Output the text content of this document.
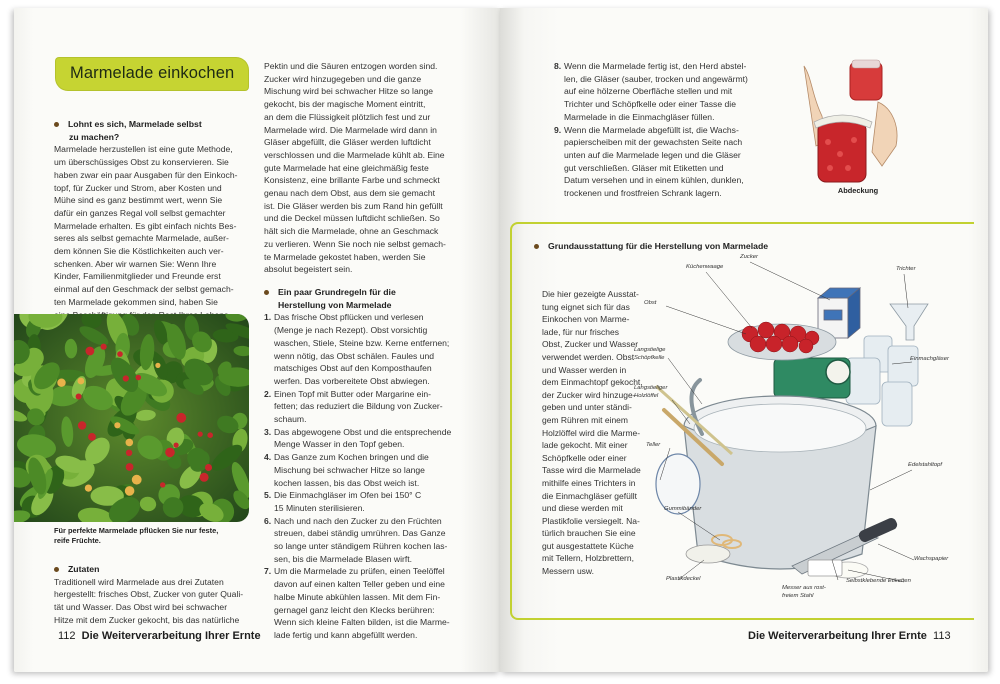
Marmelade einkochen
Lohnt es sich, Marmelade selbst
zu machen?
Marmelade herzustellen ist eine gute Methode,
um überschüssiges Obst zu konservieren. Sie
haben zwar ein paar Ausgaben für den Einkoch-
topf, für Zucker und Strom, aber Kosten und
Mühe sind es ganz bestimmt wert, wenn Sie
dafür ein ganzes Regal voll selbst gemachter
Marmelade erhalten. Es gibt einfach nichts Bes-
seres als selbst gemachte Marmelade, außer-
dem können Sie die Köstlichkeiten auch ver-
schenken. Aber wir warnen Sie: Wenn Ihre
Kinder, Familienmitglieder und Freunde erst
einmal auf den Geschmack der selbst gemach-
ten Marmelade gekommen sind, haben Sie
Für perfekte Marmelade pflücken Sie nur feste,
reife Früchte.
Zutaten
Traditionell wird Marmelade aus drei Zutaten
hergestellt: frisches Obst, Zucker von guter Quali-
tät und Wasser. Das Obst wird bei schwacher
Hitze mit dem Zucker gekocht, bis das natürliche
Pektin und die Säuren entzogen worden sind.
Zucker wird hinzugegeben und die ganze
Mischung wird bei schwacher Hitze so lange
gekocht, bis der magische Moment eintritt,
an dem die Flüssigkeit plötzlich fest und zur
Marmelade wird. Die Marmelade wird dann in
Gläser abgefüllt, die Gläser werden luftdicht
verschlossen und die Marmelade kühlt ab. Eine
gute Marmelade hat eine gleichmäßig feste
Konsistenz, eine brillante Farbe und schmeckt
genau nach dem Obst, aus dem sie gemacht
ist. Die Gläser werden bis zum Rand hin gefüllt
und die Deckel müssen luftdicht schließen. So
hält sich die Marmelade, ohne an Geschmack
zu verlieren. Wenn Sie noch nie selbst gemach-
te Marmelade gekostet haben, werden Sie
absolut begeistert sein.
Ein paar Grundregeln für die
Herstellung von Marmelade
1. Das frische Obst pflücken und verlesen
(Menge je nach Rezept). Obst vorsichtig
waschen, Stiele, Steine bzw. Kerne entfernen;
wenn nötig, das Obst schälen. Faules und
matschiges Obst auf den Komposthaufen
werfen. Das vorbereitete Obst abwiegen.
2. Einen Topf mit Butter oder Margarine ein-
fetten; das reduziert die Bildung von Zucker-
schaum.
3. Das abgewogene Obst und die entsprechende
Menge Wasser in den Topf geben.
4. Das Ganze zum Kochen bringen und die
Mischung bei schwacher Hitze so lange
kochen lassen, bis das Obst weich ist.
5. Die Einmachgläser im Ofen bei 150° C
15 Minuten sterilisieren.
6. Nach und nach den Zucker zu den Früchten
streuen, dabei ständig umrühren. Das Ganze
so lange unter ständigem Rühren kochen las-
sen, bis die Marmelade Blasen wirft.
7. Um die Marmelade zu prüfen, einen Teelöffel
davon auf einen kalten Teller geben und eine
halbe Minute abkühlen lassen. Mit dem Fin-
gernagel ganz leicht den Klecks berühren:
Wenn sich kleine Falten bilden, ist die Marme-
lade fertig und kann abgefüllt werden.
112 Die Weiterverarbeitung Ihrer Ernte
8. Wenn die Marmelade fertig ist, den Herd abstel-
len, die Gläser (sauber, trocken und angewärmt)
auf eine hölzerne Oberfläche stellen und mit
Trichter und Schöpfkelle oder einer Tasse die
Marmelade in die Einmachgläser füllen.
9. Wenn die Marmelade abgefüllt ist, die Wachs-
papierscheiben mit der gewachsten Seite nach
unten auf die Marmelade legen und die Gläser
gut verschließen. Gläser mit Etiketten und
Datum versehen und in einem kühlen, dunklen,
trockenen und frostfreien Schrank lagern.	Abdeckung
Grundausstattung für die Herstellung von Marmelade
Die hier gezeigte Ausstat-
tung eignet sich für das
Einkochen von Marme-
lade, für nur frisches
Obst, Zucker und Wasser
verwendet werden. Obst
und Wasser werden in
dem Einmachtopf gekocht,
der Zucker wird hinzuge-
geben und unter ständi-
gem Rühren mit einem
Holzlöffel wird die Marme-
lade gekocht. Mit einer
Schöpfkelle oder einer
Tasse wird die Marmelade
mithilfe eines Trichters in
die Einmachgläser gefüllt
und diese werden mit
Plastikfolie versiegelt. Na-
türlich brauchen Sie eine
gut ausgestattete Küche
mit Tellern, Holzbrettern,
Messern usw.
Küchenwaage
Zucker
Trichter
Obst
Langstielige
Schöpfkelle	Einmachgläser
Langstieliger
Holzlöffel
Teller
Edelstahltopf
Gummibänder
Wachspapier
Plastikdeckel	Selbstklebende Etiketten
Messer aus rost-
freiem Stahl
Die Weiterverarbeitung Ihrer Ernte 113
